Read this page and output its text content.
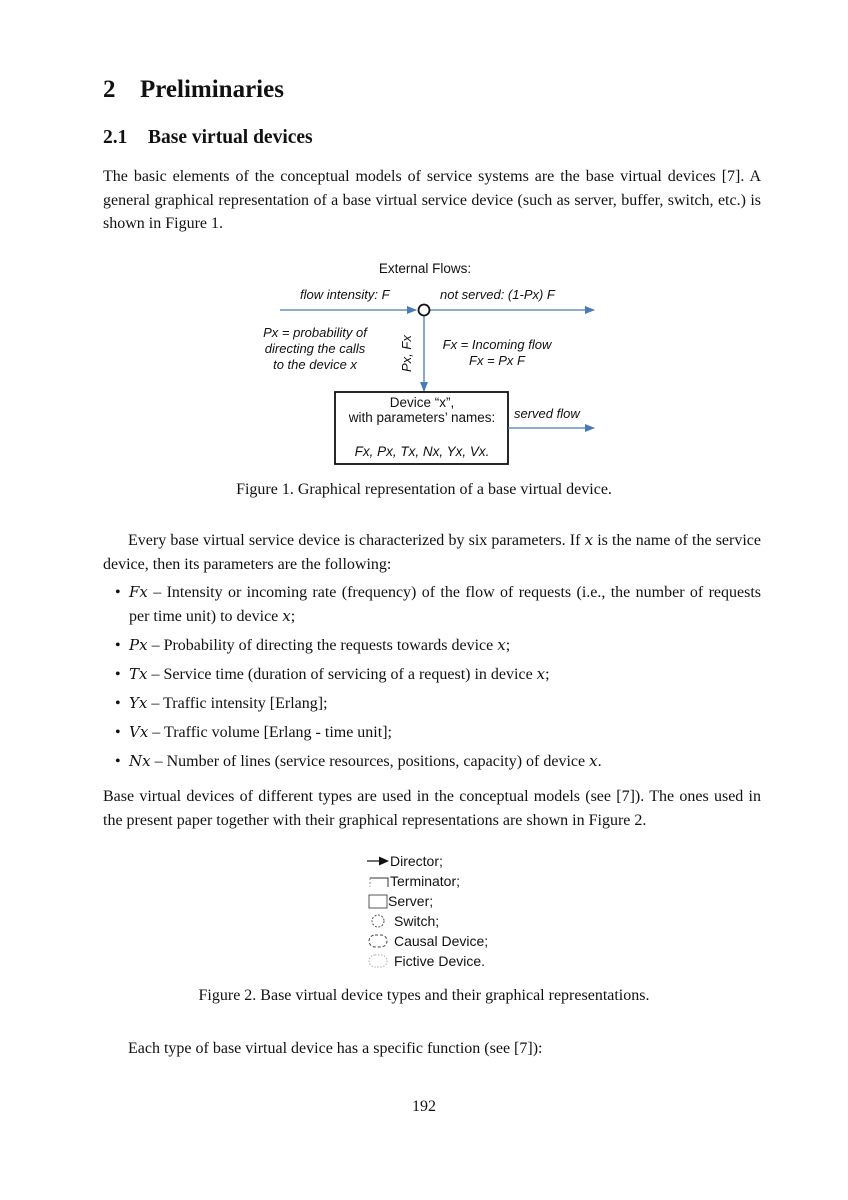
2 Preliminaries
2.1 Base virtual devices

The basic elements of the conceptual models of service systems are the base virtual devices [7]. A general graphical representation of a base virtual service device (such as server, buffer, switch, etc.) is shown in Figure 1.

External Flows:
flow intensity: F	not served: (1-Px) F
Px = probability of
directing the calls
to the device x	Px, Fx Fx = Incoming flow
Fx = Px F
Device “x”,
with parameters’ names:
Fx, Px, Tx, Nx, Yx, Vx.
served flow

Figure 1. Graphical representation of a base virtual device.

Every base virtual service device is characterized by six parameters. If x is the name of the service device, then its parameters are the following:

• Fx – Intensity or incoming rate (frequency) of the flow of requests (i.e., the number of requests per time unit) to device x;
• Px – Probability of directing the requests towards device x;
• Tx – Service time (duration of servicing of a request) in device x;
• Yx – Traffic intensity [Erlang];
• Vx – Traffic volume [Erlang - time unit];
• Nx – Number of lines (service resources, positions, capacity) of device x.

Base virtual devices of different types are used in the conceptual models (see [7]). The ones used in the present paper together with their graphical representations are shown in Figure 2.

Director;
Terminator;
Server;
Switch;
Causal Device;
Fictive Device.

Figure 2. Base virtual device types and their graphical representations.

Each type of base virtual device has a specific function (see [7]):

192
